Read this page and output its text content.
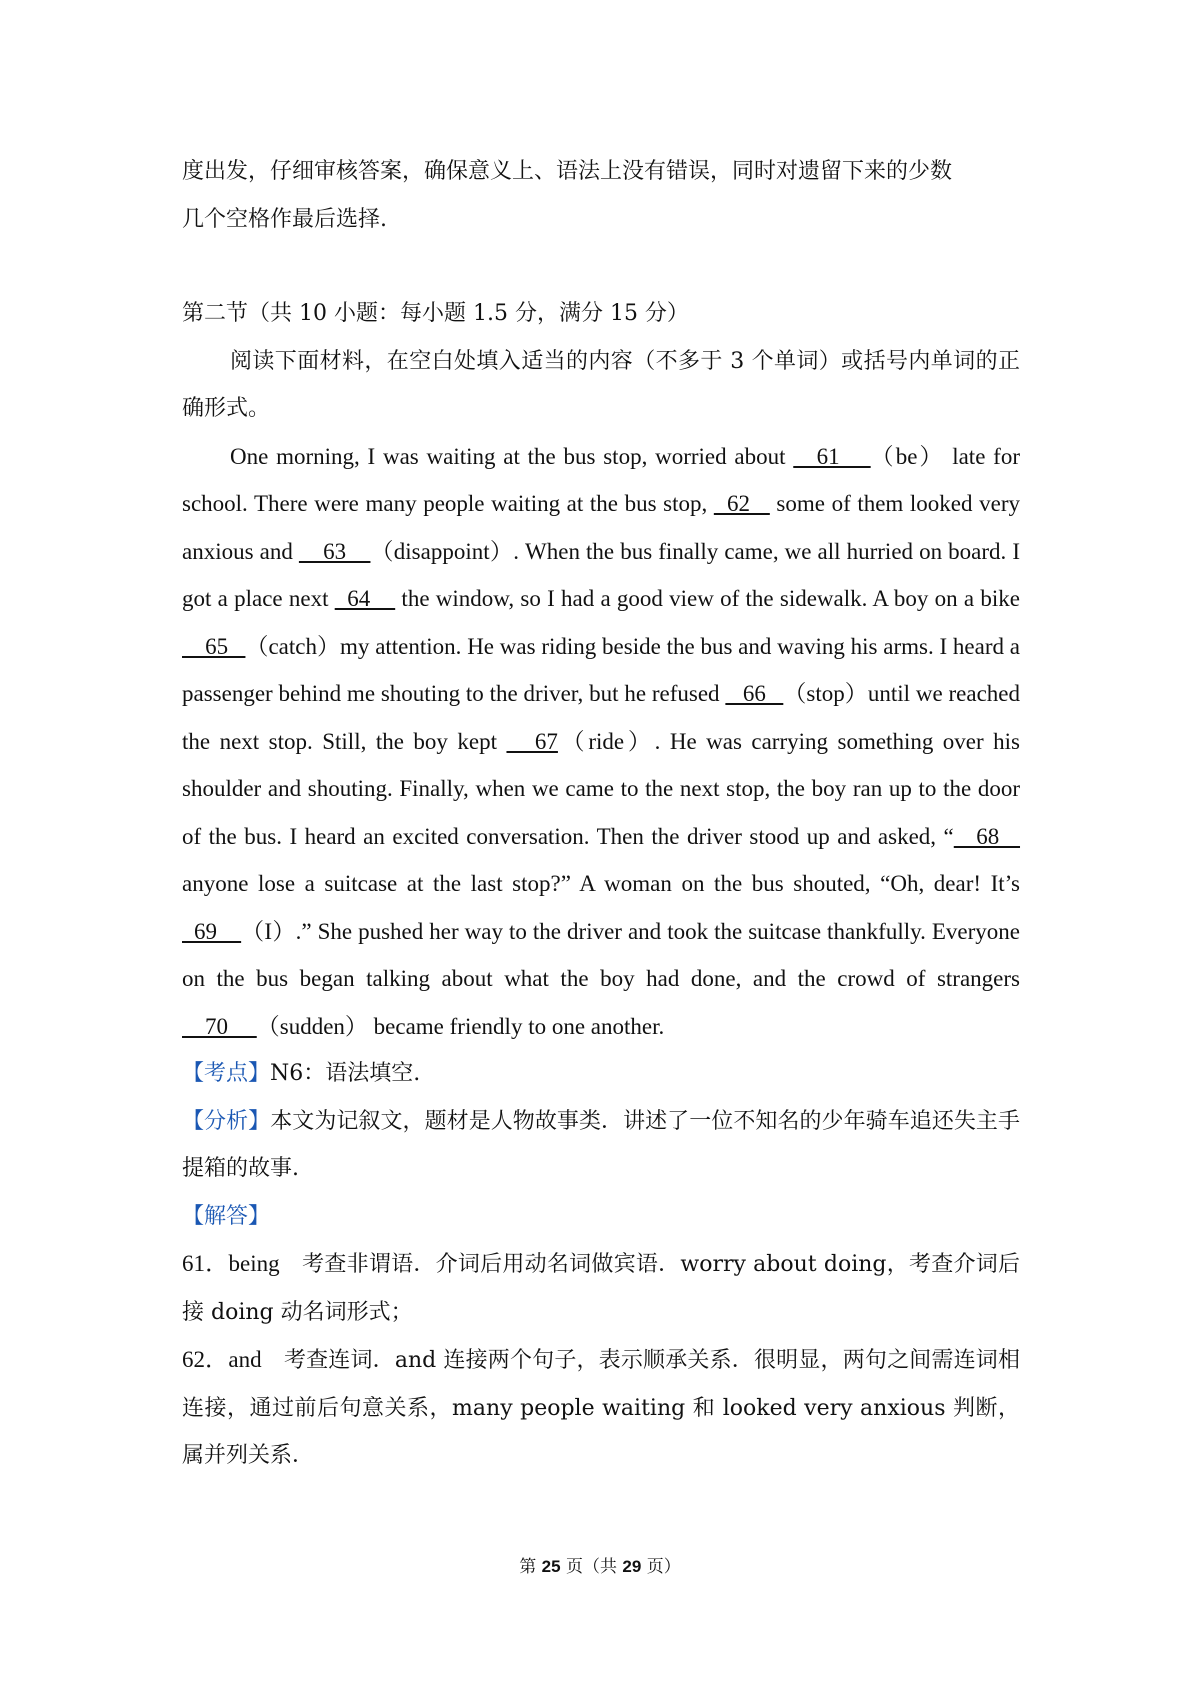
度出发，仔细审核答案，确保意义上、语法上没有错误，同时对遗留下来的少数
几个空格作最后选择.

第二节（共 10 小题：每小题 1.5 分，满分 15 分）

阅读下面材料，在空白处填入适当的内容（不多于 3 个单词）或括号内单词的正确形式。

One morning, I was waiting at the bus stop, worried about    61    （be） late for school. There were many people waiting at the bus stop,   62    some of them looked very anxious and     63    （disappoint）. When the bus finally came, we all hurried on board. I got a place next   64     the window, so I had a good view of the sidewalk. A boy on a bike     65   （catch）my attention. He was riding beside the bus and waving his arms. I heard a passenger behind me shouting to the driver, but he refused    66   （stop）until we reached the next stop. Still, the boy kept    67（ride）. He was carrying something over his shoulder and shouting. Finally, when we came to the next stop, the boy ran up to the door of the bus. I heard an excited conversation. Then the driver stood up and asked, “   68    anyone lose a suitcase at the last stop?” A woman on the bus shouted, “Oh, dear! It’s   69    （I）.” She pushed her way to the driver and took the suitcase thankfully. Everyone on the bus began talking about what the boy had done, and the crowd of strangers     70     （sudden） became friendly to one another.

【考点】N6：语法填空.

【分析】本文为记叙文，题材是人物故事类．讲述了一位不知名的少年骑车追还失主手提箱的故事.

【解答】

61．being　考查非谓语．介词后用动名词做宾语．worry about doing，考查介词后接 doing 动名词形式；

62．and　考查连词．and 连接两个句子，表示顺承关系．很明显，两句之间需连词相连接，通过前后句意关系，many people waiting 和 looked very anxious 判断，属并列关系．

第 25 页（共 29 页）
